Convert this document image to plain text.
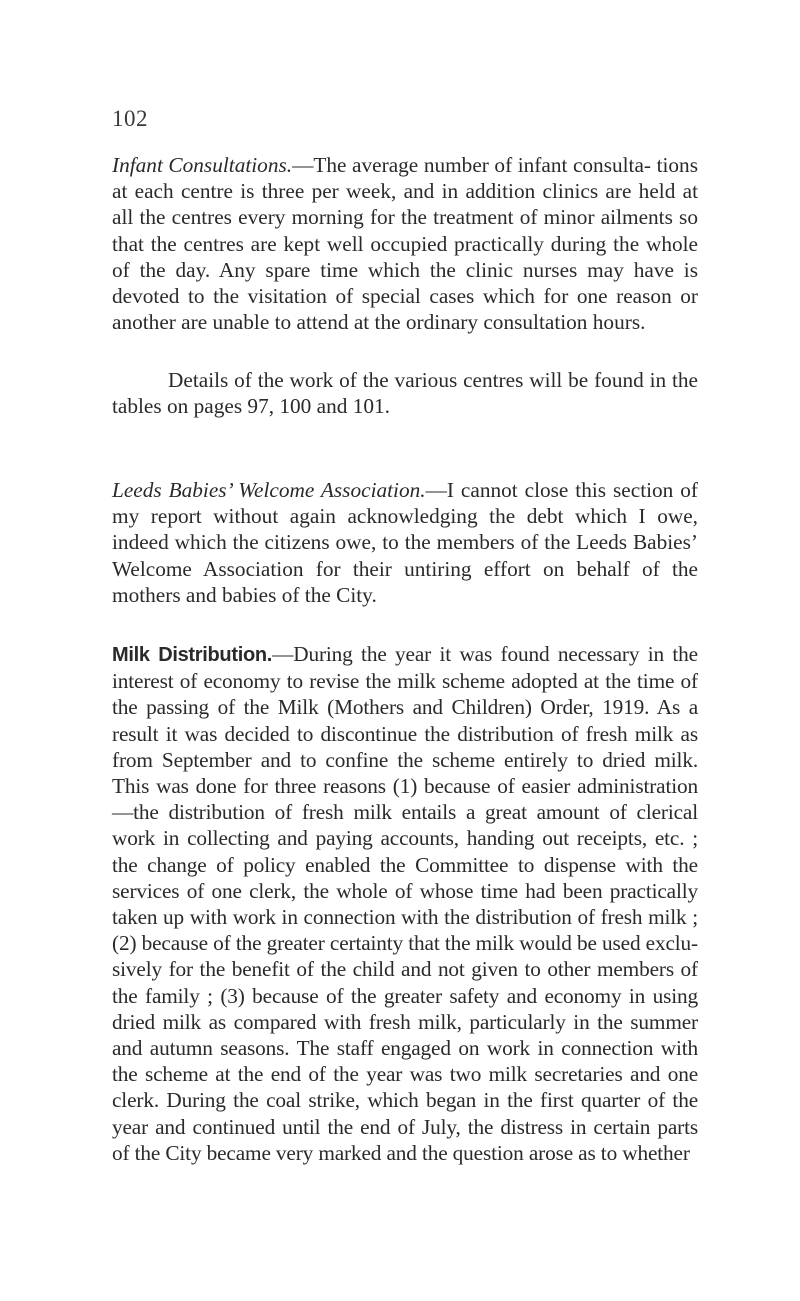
102

Infant Consultations.—The average number of infant consulta- tions at each centre is three per week, and in addition clinics are held at all the centres every morning for the treatment of minor ailments so that the centres are kept well occupied practically during the whole of the day. Any spare time which the clinic nurses may have is devoted to the visitation of special cases which for one reason or another are unable to attend at the ordinary consultation hours.

Details of the work of the various centres will be found in the tables on pages 97, 100 and 101.

Leeds Babies’ Welcome Association.—I cannot close this section of my report without again acknowledging the debt which I owe, indeed which the citizens owe, to the members of the Leeds Babies’ Welcome Association for their untiring effort on behalf of the mothers and babies of the City.

Milk Distribution.—During the year it was found necessary in the interest of economy to revise the milk scheme adopted at the time of the passing of the Milk (Mothers and Children) Order, 1919. As a result it was decided to discontinue the distribution of fresh milk as from September and to confine the scheme entirely to dried milk. This was done for three reasons (1) because of easier administration—the distribution of fresh milk entails a great amount of clerical work in collecting and paying accounts, handing out receipts, etc. ; the change of policy enabled the Committee to dispense with the services of one clerk, the whole of whose time had been practically taken up with work in connection with the distribution of fresh milk ; (2) because of the greater certainty that the milk would be used exclu- sively for the benefit of the child and not given to other members of the family ; (3) because of the greater safety and economy in using dried milk as compared with fresh milk, particularly in the summer and autumn seasons. The staff engaged on work in connection with the scheme at the end of the year was two milk secretaries and one clerk. During the coal strike, which began in the first quarter of the year and continued until the end of July, the distress in certain parts of the City became very marked and the question arose as to whether
